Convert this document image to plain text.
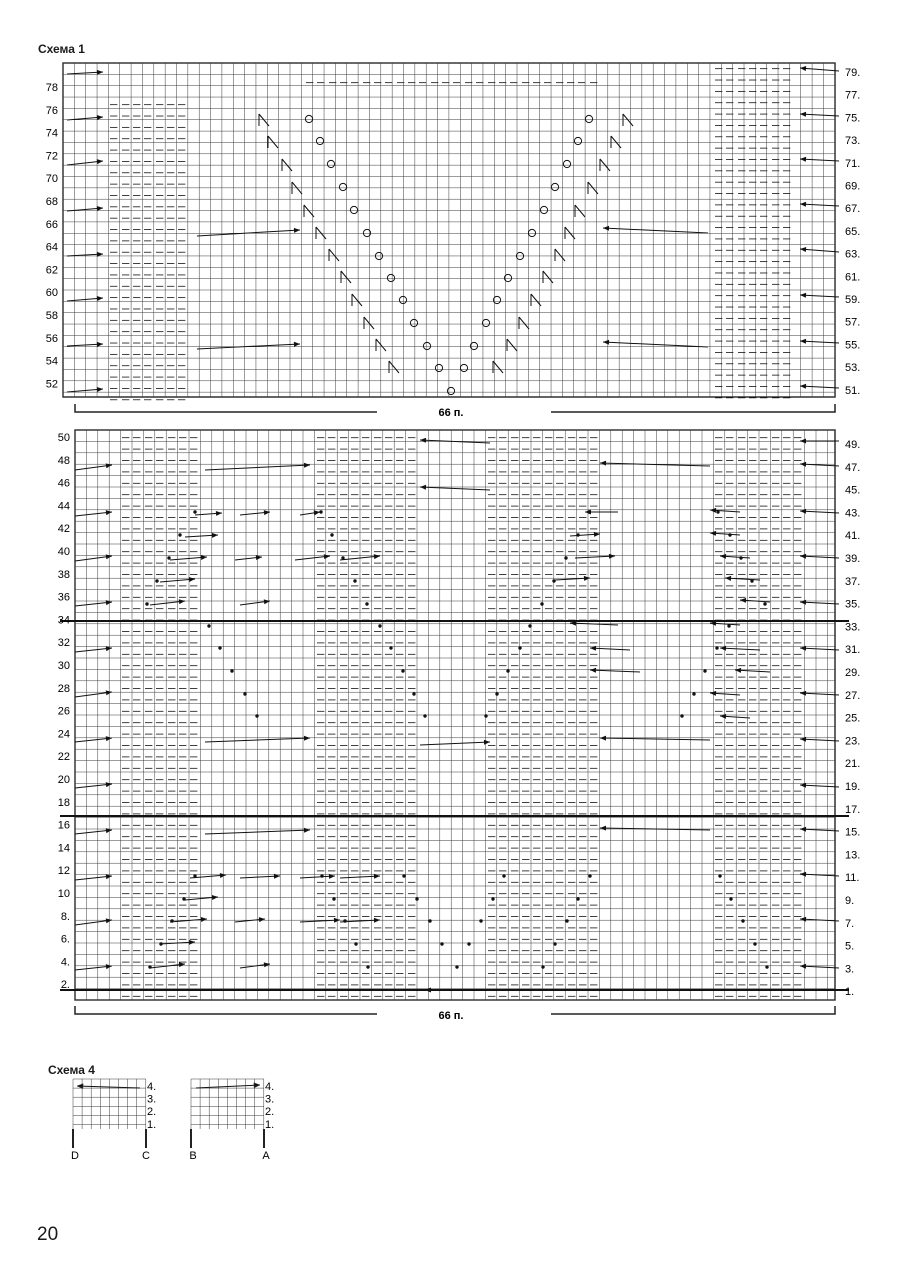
Схема 1
78
76
74
72
70
68
66
64
62
60
58
56
54
52
79.
77.
75.
73.
71.
69.
67.
65.
63.
61.
59.
57.
55.
53.
51.
66 п.
50
48
46
44
42
40
38
36
34
32
30
28
26
24
22
20
18
16
14
12
10
8.
6.
4.
2.
49.
47.
45.
43.
41.
39.
37.
35.
33.
31.
29.
27.
25.
23.
21.
19.
17.
15.
13.
11.
9.
7.
5.
3.
1.
66 п.
4.
3.
2.
1.
4.
3.
2.
1.
D	C	B	A
Схема 4
20
